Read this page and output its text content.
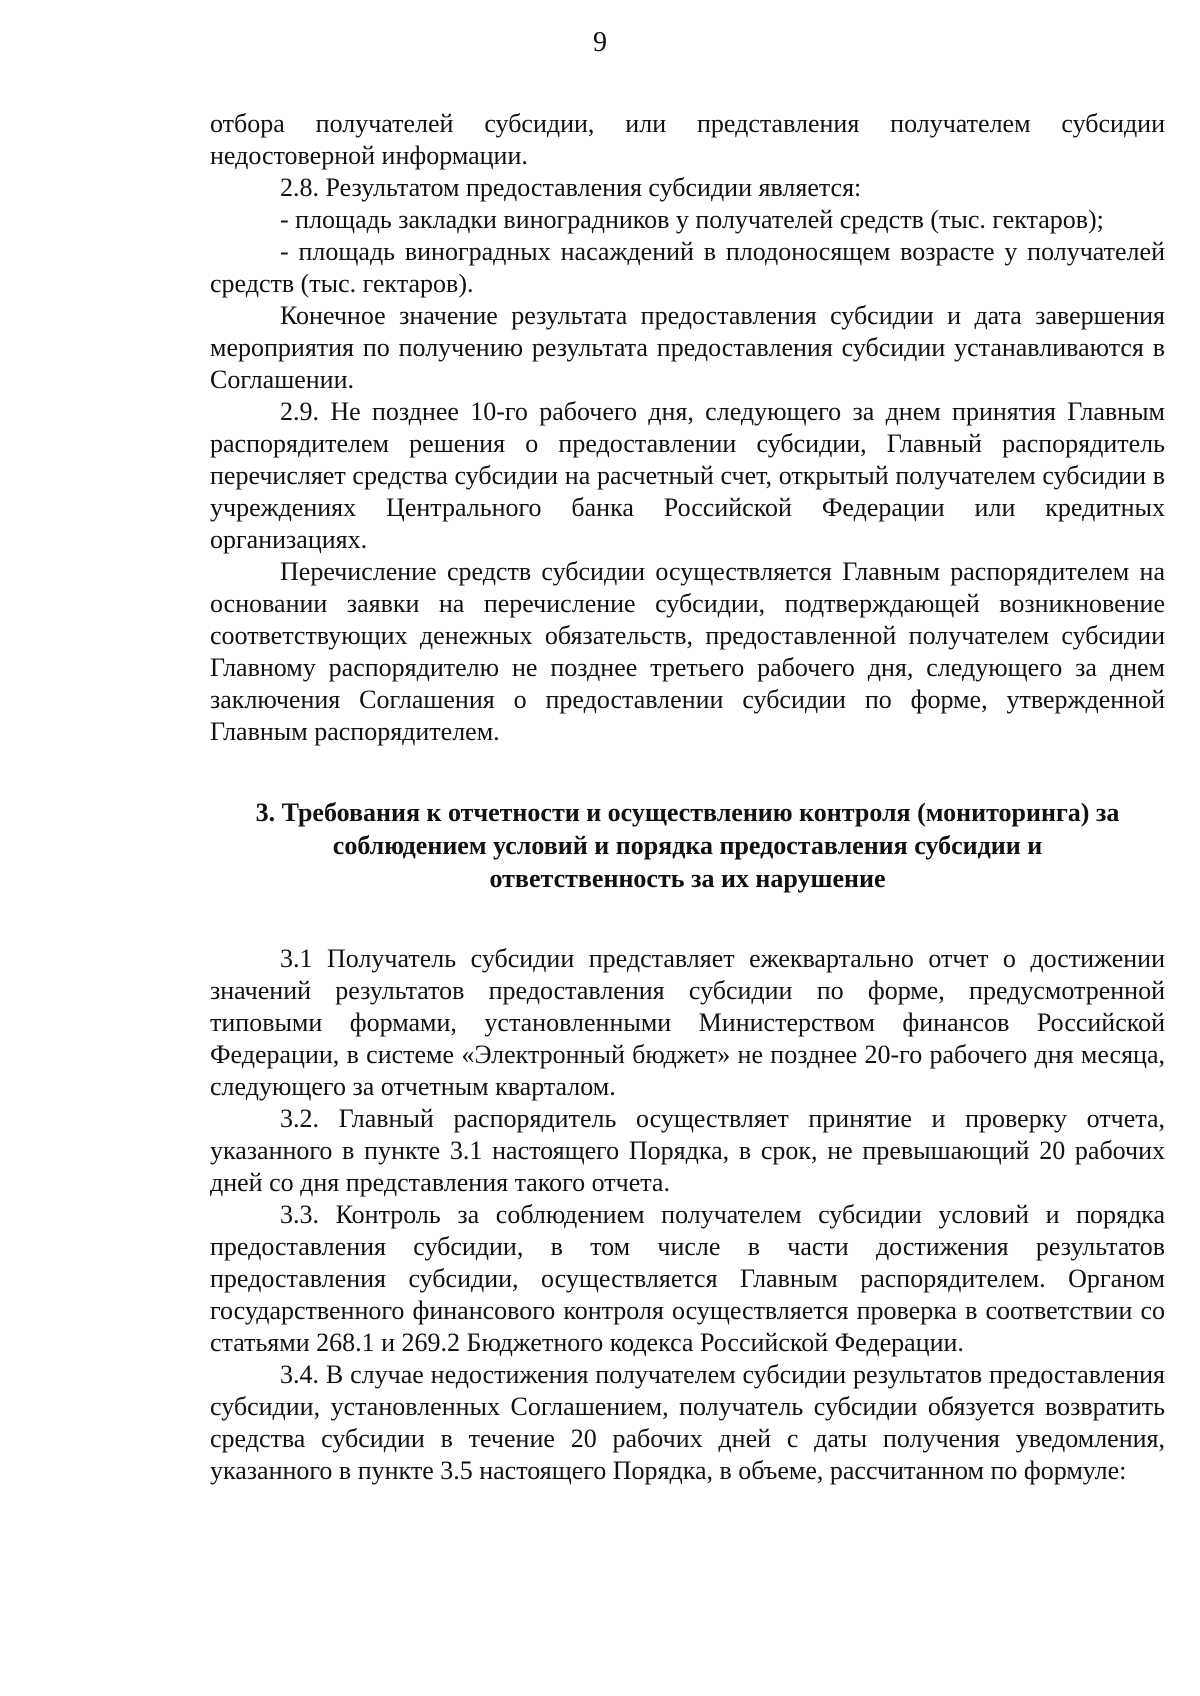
9

отбора получателей субсидии, или представления получателем субсидии недостоверной информации.

2.8. Результатом предоставления субсидии является:

- площадь закладки виноградников у получателей средств (тыс. гектаров);

- площадь виноградных насаждений в плодоносящем возрасте у получателей средств (тыс. гектаров).

Конечное значение результата предоставления субсидии и дата завершения мероприятия по получению результата предоставления субсидии устанавливаются в Соглашении.

2.9. Не позднее 10-го рабочего дня, следующего за днем принятия Главным распорядителем решения о предоставлении субсидии, Главный распорядитель перечисляет средства субсидии на расчетный счет, открытый получателем субсидии в учреждениях Центрального банка Российской Федерации или кредитных организациях.

Перечисление средств субсидии осуществляется Главным распорядителем на основании заявки на перечисление субсидии, подтверждающей возникновение соответствующих денежных обязательств, предоставленной получателем субсидии Главному распорядителю не позднее третьего рабочего дня, следующего за днем заключения Соглашения о предоставлении субсидии по форме, утвержденной Главным распорядителем.

3. Требования к отчетности и осуществлению контроля (мониторинга) за соблюдением условий и порядка предоставления субсидии и ответственность за их нарушение

3.1 Получатель субсидии представляет ежеквартально отчет о достижении значений результатов предоставления субсидии по форме, предусмотренной типовыми формами, установленными Министерством финансов Российской Федерации, в системе «Электронный бюджет» не позднее 20-го рабочего дня месяца, следующего за отчетным кварталом.

3.2. Главный распорядитель осуществляет принятие и проверку отчета, указанного в пункте 3.1 настоящего Порядка, в срок, не превышающий 20 рабочих дней со дня представления такого отчета.

3.3. Контроль за соблюдением получателем субсидии условий и порядка предоставления субсидии, в том числе в части достижения результатов предоставления субсидии, осуществляется Главным распорядителем. Органом государственного финансового контроля осуществляется проверка в соответствии со статьями 268.1 и 269.2 Бюджетного кодекса Российской Федерации.

3.4. В случае недостижения получателем субсидии результатов предоставления субсидии, установленных Соглашением, получатель субсидии обязуется возвратить средства субсидии в течение 20 рабочих дней с даты получения уведомления, указанного в пункте 3.5 настоящего Порядка, в объеме, рассчитанном по формуле:
